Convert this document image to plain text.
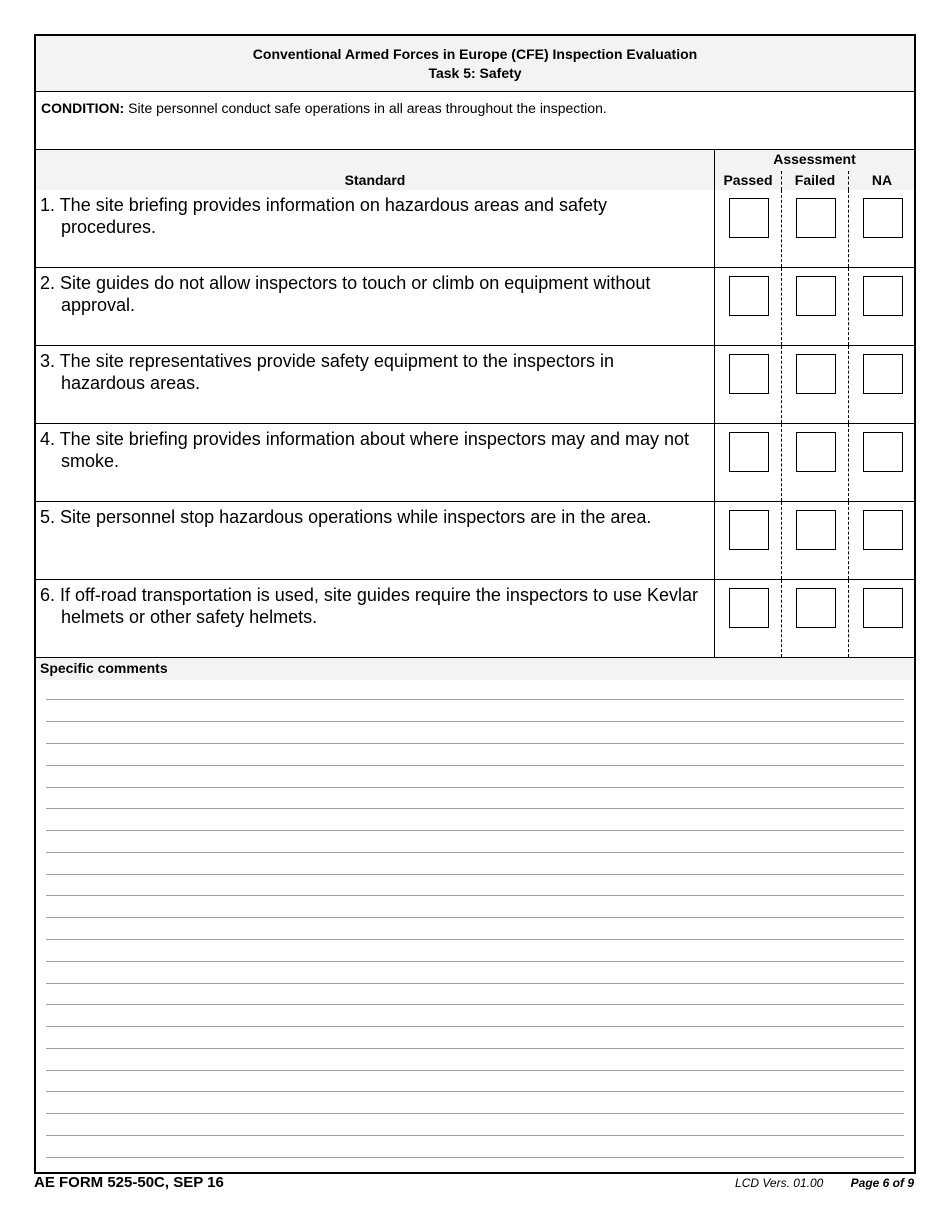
Conventional Armed Forces in Europe (CFE) Inspection Evaluation
Task 5: Safety
CONDITION: Site personnel conduct safe operations in all areas throughout the inspection.
Standard
Assessment
Passed	Failed	NA
1. The site briefing provides information on hazardous areas and safety procedures.
2. Site guides do not allow inspectors to touch or climb on equipment without approval.
3. The site representatives provide safety equipment to the inspectors in hazardous areas.
4. The site briefing provides information about where inspectors may and may not smoke.
5. Site personnel stop hazardous operations while inspectors are in the area.
6. If off-road transportation is used, site guides require the inspectors to use Kevlar helmets or other safety helmets.
Specific comments
AE FORM 525-50C, SEP 16	LCD Vers. 01.00 Page 6 of 9
